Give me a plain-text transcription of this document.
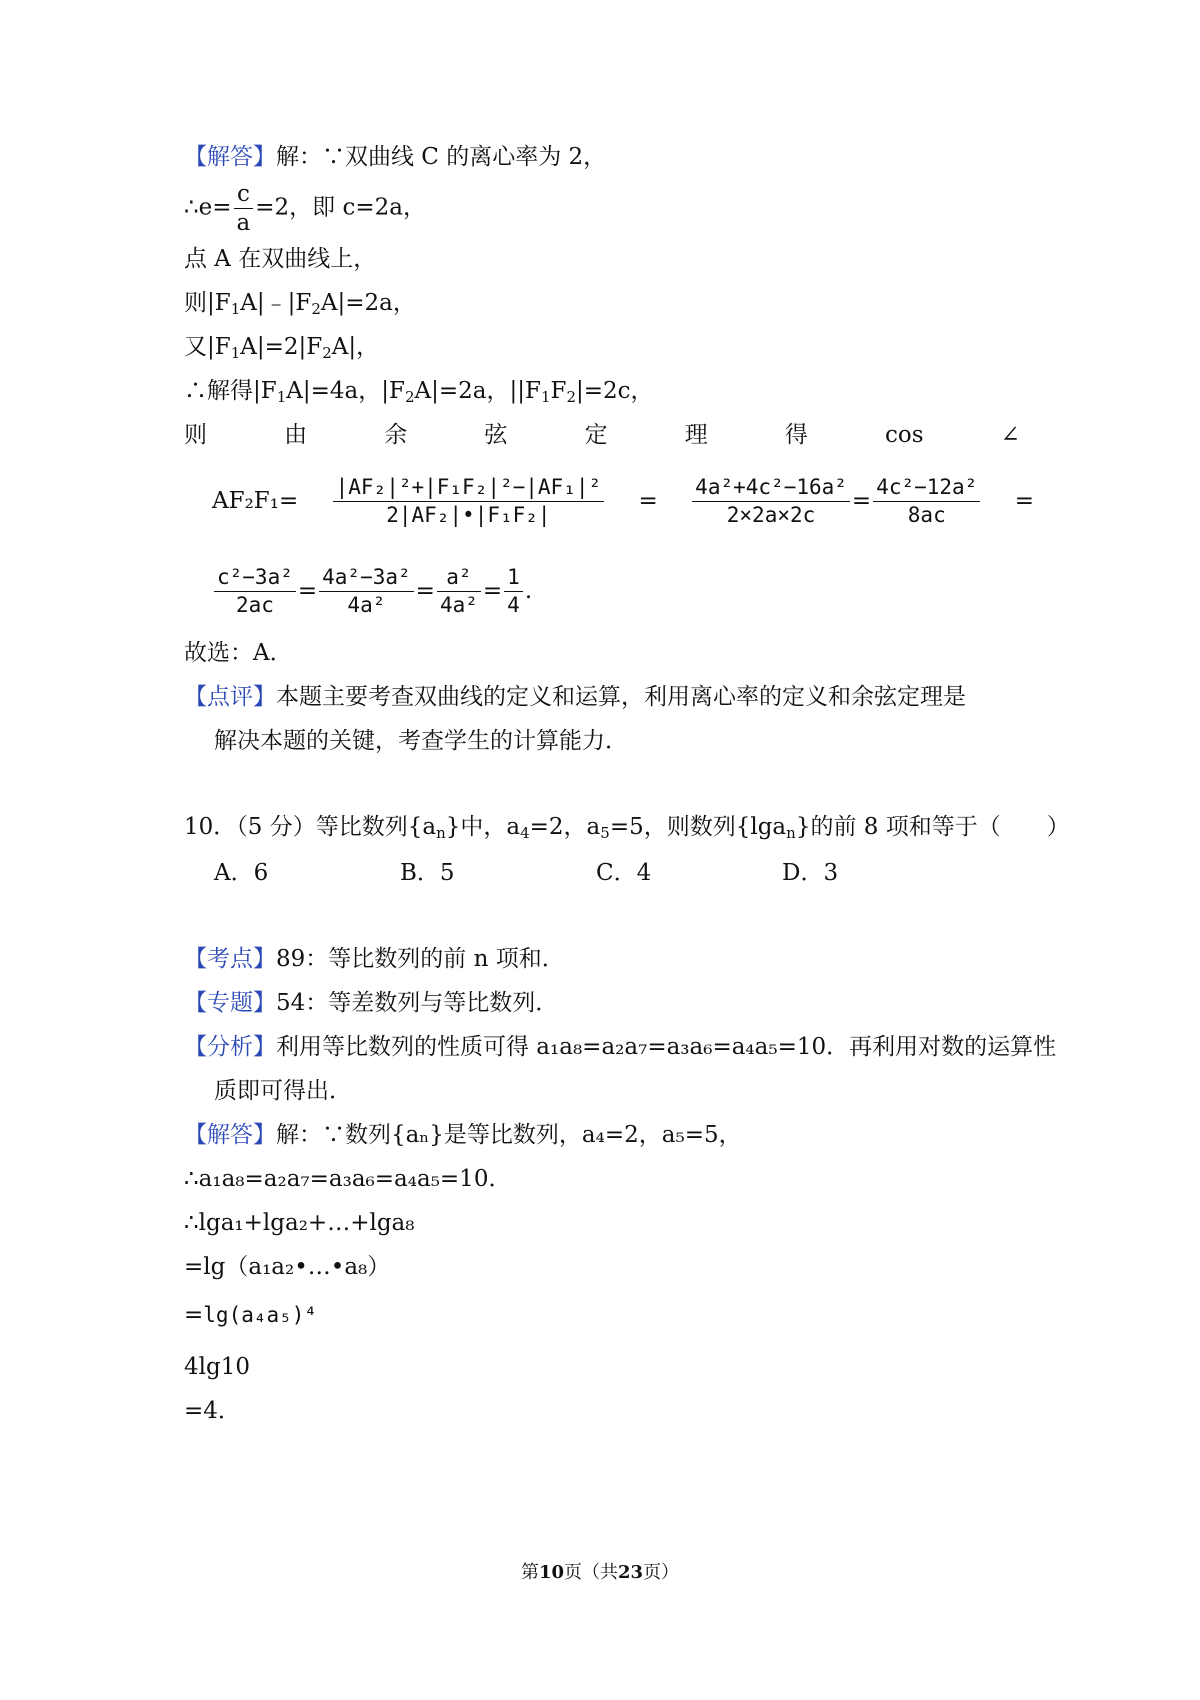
【解答】解：∵双曲线 C 的离心率为 2，
∴e= $\frac{c}{a} =2$，即 c=2a，
点 A 在双曲线上，
则$|F_1A|﹣|F_2A|=2a$，
又$|F_1A|=2|F_2A|$，
∴解得$|F_1A|=4a$，$|F_2A|=2a$，$||F_1F_2|=2c$，
则	由	余	弦	定	理	得	cos	∠
$AF_2F_1= \frac{\text{|AF₂|²+|F₁F₂|²−|AF₁|²}}{\text{2|AF₂|•|F₁F₂|}} = \frac{\text{4a²+4c²−16a²}}{2\times 2a\times 2c} = \frac{\text{4c²−12a²}}{8ac}$ =
$\frac{\text{c²−3a²}}{2ac} = \frac{\text{4a²−3a²}}{\text{4a²}} = \frac{\text{a²}}{\text{4a²}} = \frac{1}{4}$ .
故选：A．
【点评】本题主要考查双曲线的定义和运算，利用离心率的定义和余弦定理是
解决本题的关键，考查学生的计算能力．
10．（5 分）等比数列$\{a_n\}$中，$a_4=2$，$a_5=5$，则数列{lga$_n$}的前 8 项和等于（　　）
A．6	B．5	C．4	D．3
【考点】89：等比数列的前 n 项和．
【专题】54：等差数列与等比数列．
【分析】利用等比数列的性质可得 a₁a₈=a₂a₇=a₃a₆=a₄a₅=10．再利用对数的运算性
质即可得出．
【解答】解：∵数列{aₙ}是等比数列，a₄=2，a₅=5，
∴a₁a₈=a₂a₇=a₃a₆=a₄a₅=10．
∴lga₁+lga₂+…+lga₈
=lg（a₁a₂•…•a₈）
=lg(a₄a₅)⁴
4lg10
=4．
第10页（共23页）
